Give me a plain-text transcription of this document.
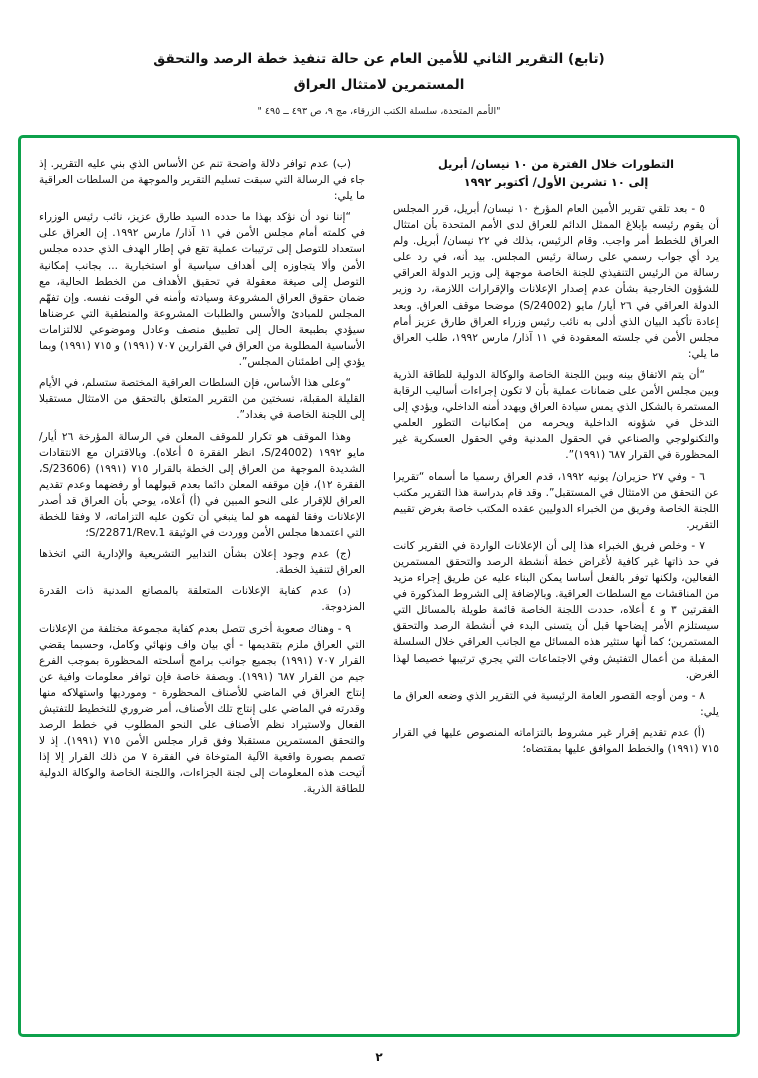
(تابع) التقرير الثاني للأمين العام عن حالة تنفيذ خطة الرصد والتحقق
المستمرين لامتثال العراق
"الأمم المتحدة، سلسلة الكتب الزرقاء، مج ٩، ص ٤٩٣ ــ ٤٩٥ "
التطورات خلال الفترة من ١٠ نيسان/ أبريل
إلى ١٠ تشرين الأول/ أكتوبر ١٩٩٢

٥ - بعد تلقي تقرير الأمين العام المؤرخ ١٠ نيسان/ أبريل، قرر المجلس أن يقوم رئيسه بإبلاغ الممثل الدائم للعراق لدى الأمم المتحدة بأن امتثال العراق للخطط أمر واجب. وقام الرئيس، بذلك في ٢٢ نيسان/ أبريل. ولم يرد أي جواب رسمي على رسالة رئيس المجلس. بيد أنه، في رد على رسالة من الرئيس التنفيذي للجنة الخاصة موجهة إلى وزير الدولة العراقي للشؤون الخارجية بشأن عدم إصدار الإعلانات والإقرارات اللازمة، رد وزير الدولة العراقي في ٢٦ أيار/ مايو (S/24002) موضحا موقف العراق. وبعد إعادة تأكيد البيان الذي أدلى به نائب رئيس وزراء العراق طارق عزيز أمام مجلس الأمن في جلسته المعقودة في ١١ آذار/ مارس ١٩٩٢، طلب العراق ما يلي:

“أن يتم الاتفاق بينه وبين اللجنة الخاصة والوكالة الدولية للطاقة الذرية وبين مجلس الأمن على ضمانات عملية بأن لا تكون إجراءات أساليب الرقابة المستمرة بالشكل الذي يمس سيادة العراق ويهدد أمنه الداخلي، ويؤدي إلى التدخل في شؤونه الداخلية ويحرمه من إمكانيات التطور العلمي والتكنولوجي والصناعي في الحقول المدنية وفي الحقول العسكرية غير المحظورة في القرار ٦٨٧ (١٩٩١)”.

٦ - وفي ٢٧ حزيران/ يونيه ١٩٩٢، قدم العراق رسميا ما أسماه “تقريرا عن التحقق من الامتثال في المستقبل”. وقد قام بدراسة هذا التقرير مكتب اللجنة الخاصة وفريق من الخبراء الدوليين عقده المكتب خاصة بغرض تقييم التقرير.

٧ - وخلص فريق الخبراء هذا إلى أن الإعلانات الواردة في التقرير كانت في حد ذاتها غير كافية لأغراض خطة أنشطة الرصد والتحقق المستمرين الفعالين، ولكنها توفر بالفعل أساسا يمكن البناء عليه عن طريق إجراء مزيد من المناقشات مع السلطات العراقية. وبالإضافة إلى الشروط المذكورة في الفقرتين ٣ و ٤ أعلاه، حددت اللجنة الخاصة قائمة طويلة بالمسائل التي سيستلزم الأمر إيضاحها قبل أن يتسنى البدء في أنشطة الرصد والتحقق المستمرين؛ كما أنها ستثير هذه المسائل مع الجانب العراقي خلال السلسلة المقبلة من أعمال التفتيش وفي الاجتماعات التي يجري ترتيبها خصيصا لهذا الغرض.

٨ - ومن أوجه القصور العامة الرئيسية في التقرير الذي وضعه العراق ما يلي:

(أ) عدم تقديم إقرار غير مشروط بالتزاماته المنصوص عليها في القرار ٧١٥ (١٩٩١) والخطط الموافق عليها بمقتضاه؛

(ب) عدم توافر دلالة واضحة تنم عن الأساس الذي بني عليه التقرير. إذ جاء في الرسالة التي سبقت تسليم التقرير والموجهة من السلطات العراقية ما يلي:

“إننا نود أن نؤكد بهذا ما حدده السيد طارق عزيز، نائب رئيس الوزراء في كلمته أمام مجلس الأمن في ١١ آذار/ مارس ١٩٩٢. إن العراق على استعداد للتوصل إلى ترتيبات عملية تقع في إطار الهدف الذي حدده مجلس الأمن وألا يتجاوزه إلى أهداف سياسية أو استخبارية ... بجانب إمكانية التوصل إلى صيغة معقولة في تحقيق الأهداف من الخطط الحالية، مع ضمان حقوق العراق المشروعة وسيادته وأمنه في الوقت نفسه. وإن تفهّم المجلس للمبادئ والأسس والطلبات المشروعة والمنطقية التي عرضناها سيؤدي بطبيعة الحال إلى تطبيق منصف وعادل وموضوعي للالتزامات الأساسية المطلوبة من العراق في القرارين ٧٠٧ (١٩٩١) و ٧١٥ (١٩٩١) وبما يؤدي إلى اطمئنان المجلس”.

“وعلى هذا الأساس، فإن السلطات العراقية المختصة ستسلم، في الأيام القليلة المقبلة، نسختين من التقرير المتعلق بالتحقق من الامتثال مستقبلا إلى اللجنة الخاصة في بغداد”.

وهذا الموقف هو تكرار للموقف المعلن في الرسالة المؤرخة ٢٦ أيار/ مايو ١٩٩٢ (S/24002، انظر الفقرة ٥ أعلاه). وبالاقتران مع الانتقادات الشديدة الموجهة من العراق إلى الخطة بالقرار ٧١٥ (١٩٩١) (S/23606، الفقرة ١٢)، فإن موقفه المعلن دائما بعدم قبولهما أو رفضهما وعدم تقديم العراق للإقرار على النحو المبين في (أ) أعلاه، يوحي بأن العراق قد أصدر الإعلانات وفقا لفهمه هو لما ينبغي أن تكون عليه التزاماته، لا وفقا للخطة التي اعتمدها مجلس الأمن ووردت في الوثيقة S/22871/Rev.1؛

(ج) عدم وجود إعلان بشأن التدابير التشريعية والإدارية التي اتخذها العراق لتنفيذ الخطة.

(د) عدم كفاية الإعلانات المتعلقة بالمصانع المدنية ذات القدرة المزدوجة.

٩ - وهناك صعوبة أخرى تتصل بعدم كفاية مجموعة مختلفة من الإعلانات التي العراق ملزم بتقديمها - أي بيان واف ونهائي وكامل، وحسبما يقضي القرار ٧٠٧ (١٩٩١) بجميع جوانب برامج أسلحته المحظورة بموجب الفرع جيم من القرار ٦٨٧ (١٩٩١). وبصفة خاصة فإن توافر معلومات وافية عن إنتاج العراق في الماضي للأصناف المحظورة - ومورديها واستهلاكه منها وقدرته في الماضي على إنتاج تلك الأصناف، أمر ضروري للتخطيط للتفتيش الفعال ولاستيراد نظم الأصناف على النحو المطلوب في خطط الرصد والتحقق المستمرين مستقبلا وفق قرار مجلس الأمن ٧١٥ (١٩٩١). إذ لا تصمم بصورة واقعية الآلية المتوخاة في الفقرة ٧ من ذلك القرار إلا إذا أتيحت هذه المعلومات إلى لجنة الجزاءات، واللجنة الخاصة والوكالة الدولية للطاقة الذرية.

٢
